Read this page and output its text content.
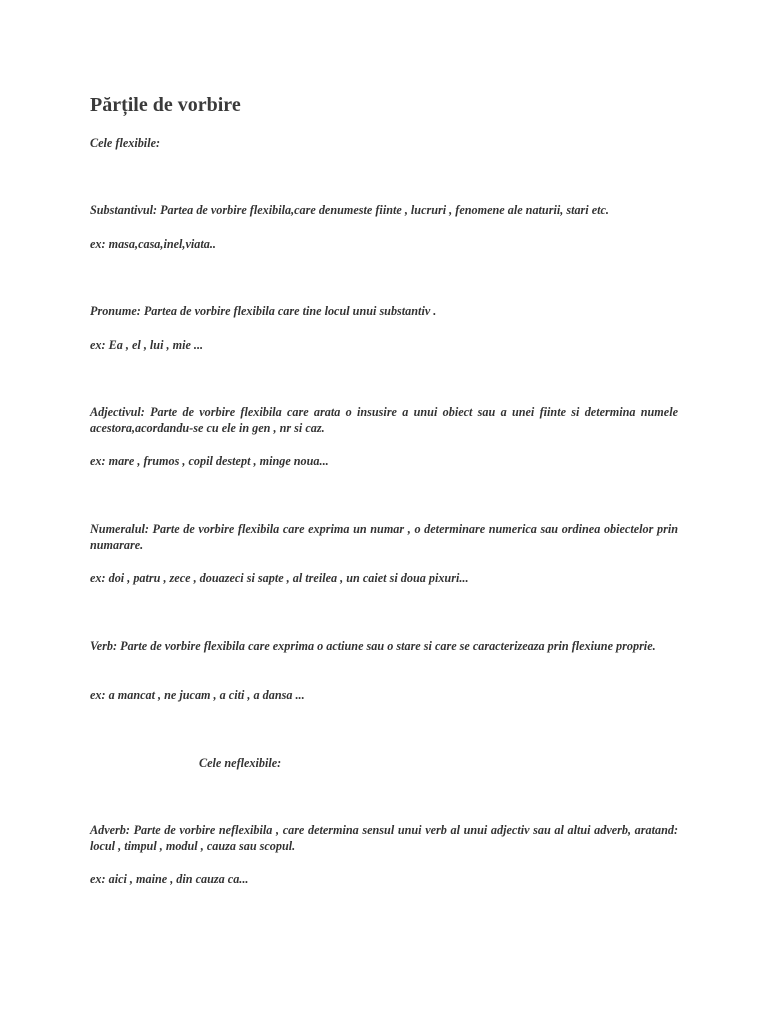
Părțile de vorbire

Cele flexibile:

Substantivul: Partea de vorbire flexibila,care denumeste fiinte , lucruri , fenomene ale naturii, stari etc.

ex: masa,casa,inel,viata..

Pronume: Partea de vorbire flexibila care tine locul unui substantiv .

ex: Ea , el , lui , mie ...

Adjectivul: Parte de vorbire flexibila care arata o insusire a unui obiect sau a unei fiinte si determina numele acestora,acordandu-se cu ele in gen , nr si caz.

ex: mare , frumos , copil destept , minge noua...

Numeralul: Parte de vorbire flexibila care exprima un numar , o determinare numerica sau ordinea obiectelor prin numarare.

ex: doi , patru , zece , douazeci si sapte , al treilea , un caiet si doua pixuri...

Verb: Parte de vorbire flexibila care exprima o actiune sau o stare si care se caracterizeaza prin flexiune proprie.

ex: a mancat , ne jucam , a citi , a dansa ...

Cele neflexibile:

Adverb: Parte de vorbire neflexibila , care determina sensul unui verb al unui adjectiv sau al altui adverb, aratand: locul , timpul , modul , cauza sau scopul.

ex: aici , maine , din cauza ca...
